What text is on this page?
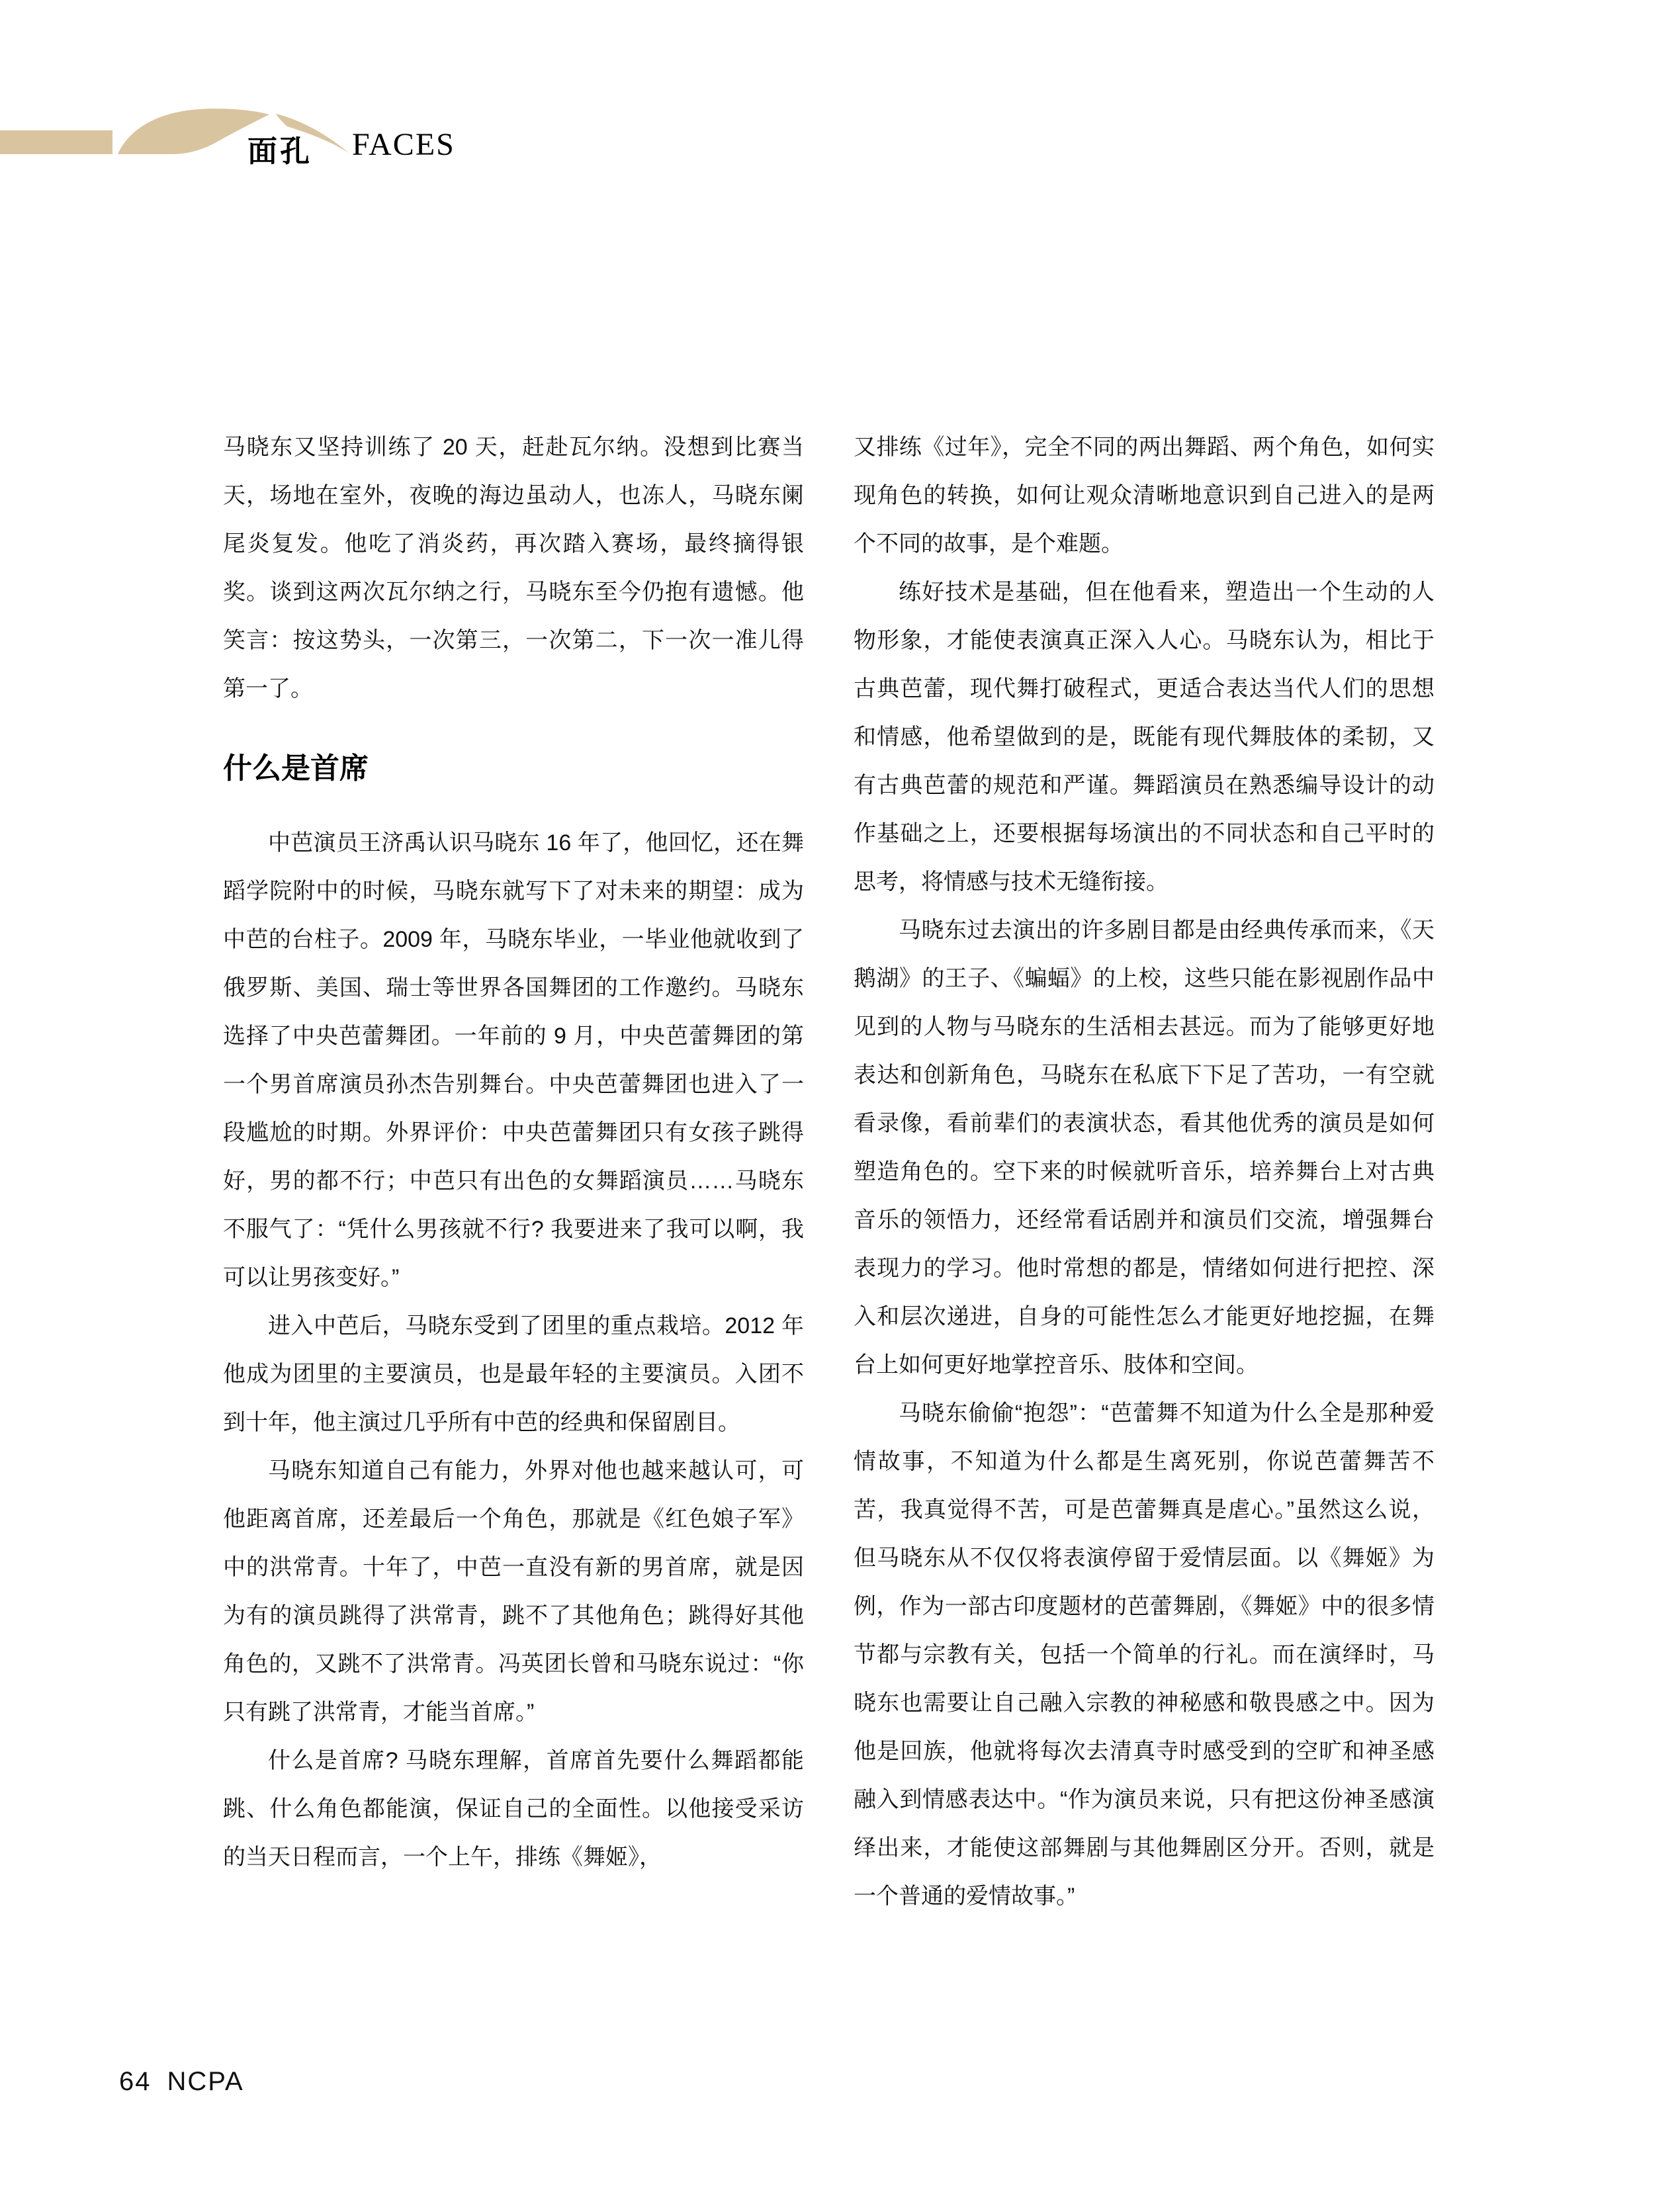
面孔 FACES

马晓东又坚持训练了 20 天，赶赴瓦尔纳。没想到比赛当天，场地在室外，夜晚的海边虽动人，也冻人，马晓东阑尾炎复发。他吃了消炎药，再次踏入赛场，最终摘得银奖。谈到这两次瓦尔纳之行，马晓东至今仍抱有遗憾。他笑言：按这势头，一次第三，一次第二，下一次一准儿得第一了。

什么是首席

中芭演员王济禹认识马晓东 16 年了，他回忆，还在舞蹈学院附中的时候，马晓东就写下了对未来的期望：成为中芭的台柱子。2009 年，马晓东毕业，一毕业他就收到了俄罗斯、美国、瑞士等世界各国舞团的工作邀约。马晓东选择了中央芭蕾舞团。一年前的 9 月，中央芭蕾舞团的第一个男首席演员孙杰告别舞台。中央芭蕾舞团也进入了一段尴尬的时期。外界评价：中央芭蕾舞团只有女孩子跳得好，男的都不行；中芭只有出色的女舞蹈演员……马晓东不服气了：“凭什么男孩就不行? 我要进来了我可以啊，我可以让男孩变好。”

进入中芭后，马晓东受到了团里的重点栽培。2012 年他成为团里的主要演员，也是最年轻的主要演员。入团不到十年，他主演过几乎所有中芭的经典和保留剧目。

马晓东知道自己有能力，外界对他也越来越认可，可他距离首席，还差最后一个角色，那就是《红色娘子军》中的洪常青。十年了，中芭一直没有新的男首席，就是因为有的演员跳得了洪常青，跳不了其他角色；跳得好其他角色的，又跳不了洪常青。冯英团长曾和马晓东说过：“你只有跳了洪常青，才能当首席。”

什么是首席? 马晓东理解，首席首先要什么舞蹈都能跳、什么角色都能演，保证自己的全面性。以他接受采访的当天日程而言，一个上午，排练《舞姬》，

又排练《过年》，完全不同的两出舞蹈、两个角色，如何实现角色的转换，如何让观众清晰地意识到自己进入的是两个不同的故事，是个难题。

练好技术是基础，但在他看来，塑造出一个生动的人物形象，才能使表演真正深入人心。马晓东认为，相比于古典芭蕾，现代舞打破程式，更适合表达当代人们的思想和情感，他希望做到的是，既能有现代舞肢体的柔韧，又有古典芭蕾的规范和严谨。舞蹈演员在熟悉编导设计的动作基础之上，还要根据每场演出的不同状态和自己平时的思考，将情感与技术无缝衔接。

马晓东过去演出的许多剧目都是由经典传承而来，《天鹅湖》的王子、《蝙蝠》的上校，这些只能在影视剧作品中见到的人物与马晓东的生活相去甚远。而为了能够更好地表达和创新角色，马晓东在私底下下足了苦功，一有空就看录像，看前辈们的表演状态，看其他优秀的演员是如何塑造角色的。空下来的时候就听音乐，培养舞台上对古典音乐的领悟力，还经常看话剧并和演员们交流，增强舞台表现力的学习。他时常想的都是，情绪如何进行把控、深入和层次递进，自身的可能性怎么才能更好地挖掘，在舞台上如何更好地掌控音乐、肢体和空间。

马晓东偷偷“抱怨”：“芭蕾舞不知道为什么全是那种爱情故事，不知道为什么都是生离死别，你说芭蕾舞苦不苦，我真觉得不苦，可是芭蕾舞真是虐心。”虽然这么说，但马晓东从不仅仅将表演停留于爱情层面。以《舞姬》为例，作为一部古印度题材的芭蕾舞剧，《舞姬》中的很多情节都与宗教有关，包括一个简单的行礼。而在演绎时，马晓东也需要让自己融入宗教的神秘感和敬畏感之中。因为他是回族，他就将每次去清真寺时感受到的空旷和神圣感融入到情感表达中。“作为演员来说，只有把这份神圣感演绎出来，才能使这部舞剧与其他舞剧区分开。否则，就是一个普通的爱情故事。”

64 NCPA
